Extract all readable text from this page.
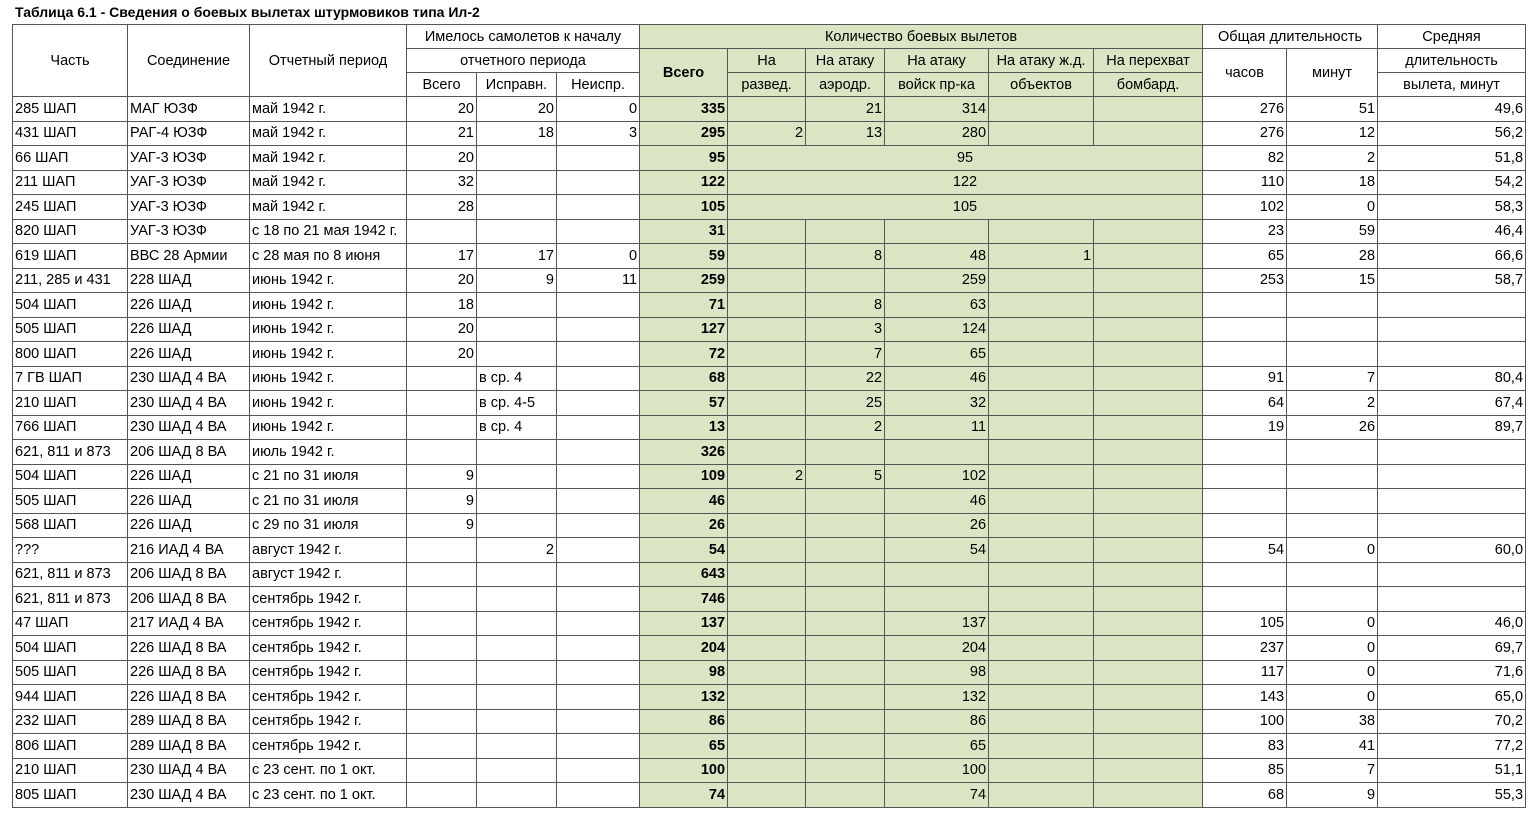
Таблица 6.1 - Сведения о боевых вылетах штурмовиков типа Ил-2
Часть	Соединение	Отчетный период	Имелось самолетов к началу			Количество боевых вылетов						Общая длительность		Средняя
			отчетного периода			Всего	На	На атаку	На атаку	На атаку ж.д.	На перехват	часов	минут	длительность
			Всего	Исправн.	Неиспр.		развед.	аэродр.	войск пр-ка	объектов	бомбард.			вылета, минут
285 ШАП	МАГ ЮЗФ	май 1942 г.	20	20	0	335		21	314			276	51	49,6
431 ШАП	РАГ-4 ЮЗФ	май 1942 г.	21	18	3	295	2	13	280			276	12	56,2
66 ШАП	УАГ-3 ЮЗФ	май 1942 г.	20			95	95					82	2	51,8
211 ШАП	УАГ-3 ЮЗФ	май 1942 г.	32			122	122					110	18	54,2
245 ШАП	УАГ-3 ЮЗФ	май 1942 г.	28			105	105					102	0	58,3
820 ШАП	УАГ-3 ЮЗФ	с 18 по 21 мая 1942 г.				31						23	59	46,4
619 ШАП	ВВС 28 Армии	с 28 мая по 8 июня	17	17	0	59		8	48	1		65	28	66,6
211, 285 и 431	228 ШАД	июнь 1942 г.	20	9	11	259			259			253	15	58,7
504 ШАП	226 ШАД	июнь 1942 г.	18			71		8	63					
505 ШАП	226 ШАД	июнь 1942 г.	20			127		3	124					
800 ШАП	226 ШАД	июнь 1942 г.	20			72		7	65					
7 ГВ ШАП	230 ШАД 4 ВА	июнь 1942 г.		в ср. 4		68		22	46			91	7	80,4
210 ШАП	230 ШАД 4 ВА	июнь 1942 г.		в ср. 4-5		57		25	32			64	2	67,4
766 ШАП	230 ШАД 4 ВА	июнь 1942 г.		в ср. 4		13		2	11			19	26	89,7
621, 811 и 873	206 ШАД 8 ВА	июль 1942 г.				326								
504 ШАП	226 ШАД	с 21 по 31 июля	9			109	2	5	102					
505 ШАП	226 ШАД	с 21 по 31 июля	9			46			46					
568 ШАП	226 ШАД	с 29 по 31 июля	9			26			26					
???	216 ИАД 4 ВА	август 1942 г.		2		54			54			54	0	60,0
621, 811 и 873	206 ШАД 8 ВА	август 1942 г.				643								
621, 811 и 873	206 ШАД 8 ВА	сентябрь 1942 г.				746								
47 ШАП	217 ИАД 4 ВА	сентябрь 1942 г.				137			137			105	0	46,0
504 ШАП	226 ШАД 8 ВА	сентябрь 1942 г.				204			204			237	0	69,7
505 ШАП	226 ШАД 8 ВА	сентябрь 1942 г.				98			98			117	0	71,6
944 ШАП	226 ШАД 8 ВА	сентябрь 1942 г.				132			132			143	0	65,0
232 ШАП	289 ШАД 8 ВА	сентябрь 1942 г.				86			86			100	38	70,2
806 ШАП	289 ШАД 8 ВА	сентябрь 1942 г.				65			65			83	41	77,2
210 ШАП	230 ШАД 4 ВА	с 23 сент. по 1 окт.				100			100			85	7	51,1
805 ШАП	230 ШАД 4 ВА	с 23 сент. по 1 окт.				74			74			68	9	55,3
